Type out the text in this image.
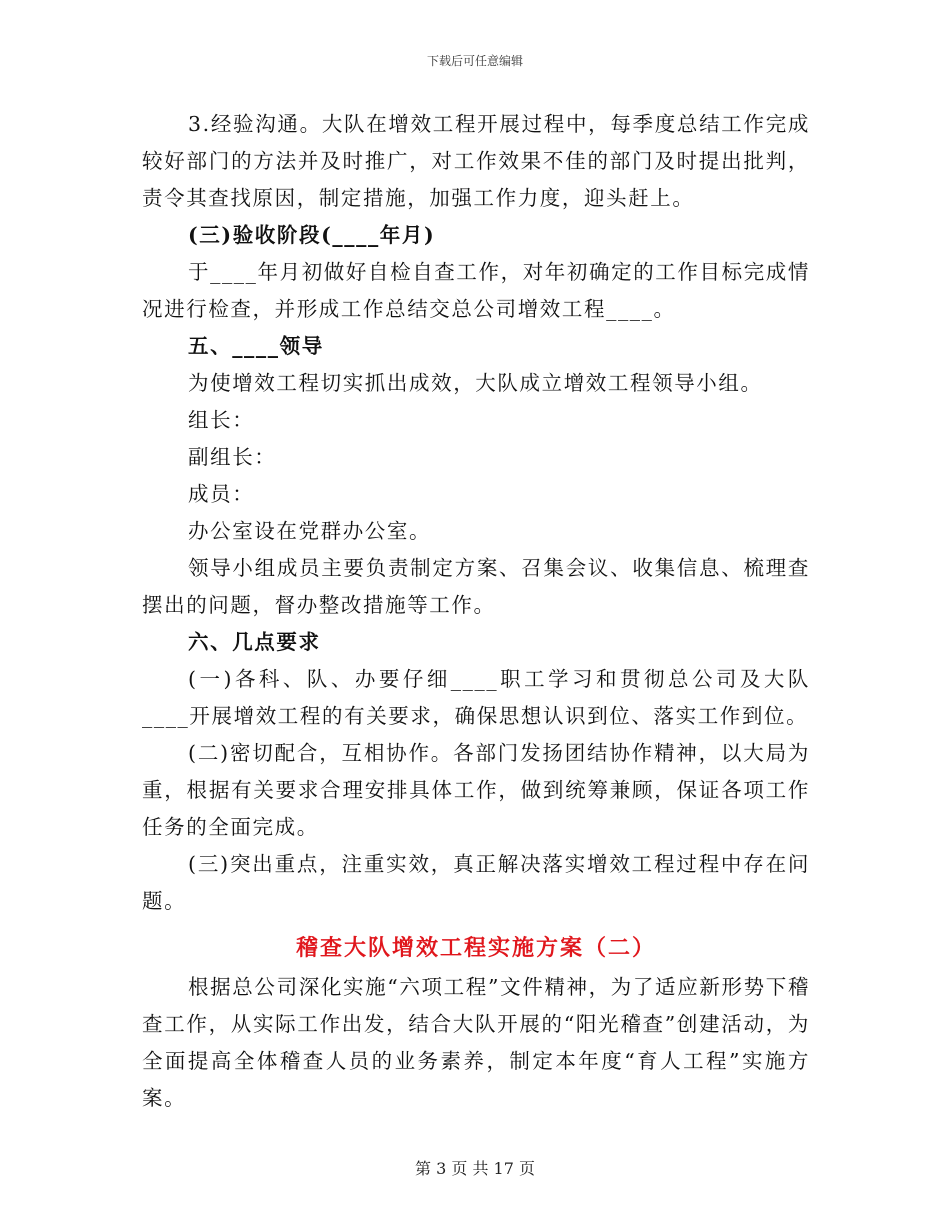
下载后可任意编辑

3.经验沟通。大队在增效工程开展过程中，每季度总结工作完成较好部门的方法并及时推广，对工作效果不佳的部门及时提出批判，责令其查找原因，制定措施，加强工作力度，迎头赶上。

(三)验收阶段(____年月)

于____年月初做好自检自查工作，对年初确定的工作目标完成情况进行检查，并形成工作总结交总公司增效工程____。

五、____领导

为使增效工程切实抓出成效，大队成立增效工程领导小组。

组长：

副组长：

成员：

办公室设在党群办公室。

领导小组成员主要负责制定方案、召集会议、收集信息、梳理查摆出的问题，督办整改措施等工作。

六、几点要求

(一)各科、队、办要仔细____职工学习和贯彻总公司及大队____开展增效工程的有关要求，确保思想认识到位、落实工作到位。

(二)密切配合，互相协作。各部门发扬团结协作精神，以大局为重，根据有关要求合理安排具体工作，做到统筹兼顾，保证各项工作任务的全面完成。

(三)突出重点，注重实效，真正解决落实增效工程过程中存在问题。

稽查大队增效工程实施方案（二）

根据总公司深化实施“六项工程”文件精神，为了适应新形势下稽查工作，从实际工作出发，结合大队开展的“阳光稽查”创建活动，为全面提高全体稽查人员的业务素养，制定本年度“育人工程”实施方案。

第 3 页 共 17 页
